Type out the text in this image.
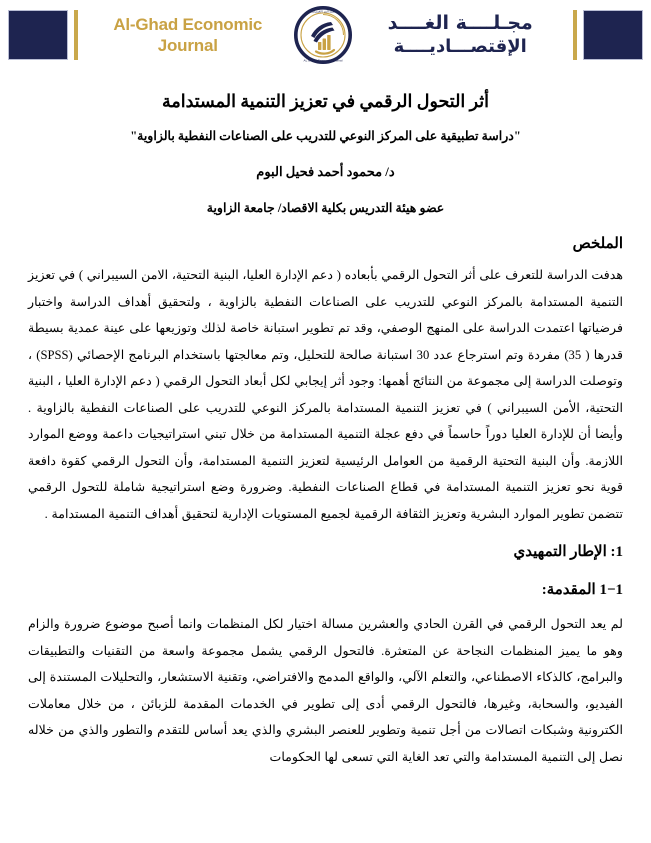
Al-Ghad Economic
Journal
مجلة الغد الاقتصادية
AL GHAD Economic Journal
مجـلــــة الغــــد
الإقتصـــاديــــة
أثر التحول الرقمي في تعزيز التنمية المستدامة
"دراسة تطبيقية على المركز النوعي للتدريب على الصناعات النفطية بالزاوية"
د/ محمود أحمد فحيل البوم
عضو هيئة التدريس بكلية الاقصاد/ جامعة الزاوية
الملخص

هدفت الدراسة للتعرف على أثر التحول الرقمي بأبعاده ( دعم الإدارة العليا، البنية التحتية، الامن السيبراني ) في تعزيز التنمية المستدامة بالمركز النوعي للتدريب على الصناعات النفطية بالزاوية ، ولتحقيق أهداف الدراسة واختبار فرضياتها اعتمدت الدراسة على المنهج الوصفي، وقد تم تطوير استبانة خاصة لذلك وتوزيعها على عينة عمدية بسيطة قدرها ( 35) مفردة وتم استرجاع عدد 30 استبانة صالحة للتحليل، وتم معالجتها باستخدام البرنامج الإحصائي (SPSS) ، وتوصلت الدراسة إلى مجموعة من النتائج أهمها: وجود أثر إيجابي لكل أبعاد التحول الرقمي ( دعم الإدارة العليا ، البنية التحتية، الأمن السيبراني ) في تعزيز التنمية المستدامة بالمركز النوعي للتدريب على الصناعات النفطية بالزاوية . وأيضا أن للإدارة العليا دوراً حاسماً في دفع عجلة التنمية المستدامة من خلال تبني استراتيجيات داعمة ووضع الموارد اللازمة. وأن البنية التحتية الرقمية من العوامل الرئيسية لتعزيز التنمية المستدامة، وأن التحول الرقمي كقوة دافعة قوية نحو تعزيز التنمية المستدامة في قطاع الصناعات النفطية. وضرورة وضع استراتيجية شاملة للتحول الرقمي تتضمن تطوير الموارد البشرية وتعزيز الثقافة الرقمية لجميع المستويات الإدارية لتحقيق أهداف التنمية المستدامة .

1: الإطار التمهيدي
1−1 المقدمة:

لم يعد التحول الرقمي في القرن الحادي والعشرين مسالة اختيار لكل المنظمات وانما أصبح موضوع ضرورة والزام وهو ما يميز المنظمات النجاحة عن المتعثرة. فالتحول الرقمي يشمل مجموعة واسعة من التقنيات والتطبيقات والبرامج، كالذكاء الاصطناعي، والتعلم الآلي، والواقع المدمج والافتراضي، وتقنية الاستشعار، والتحليلات المستندة إلى الفيديو، والسحابة، وغيرها، فالتحول الرقمي أدى إلى تطوير في الخدمات المقدمة للزبائن ، من خلال معاملات الكترونية وشبكات اتصالات من أجل تنمية وتطوير للعنصر البشري والذي يعد أساس للتقدم والتطور والذي من خلاله نصل إلى التنمية المستدامة والتي تعد الغاية التي تسعى لها الحكومات
